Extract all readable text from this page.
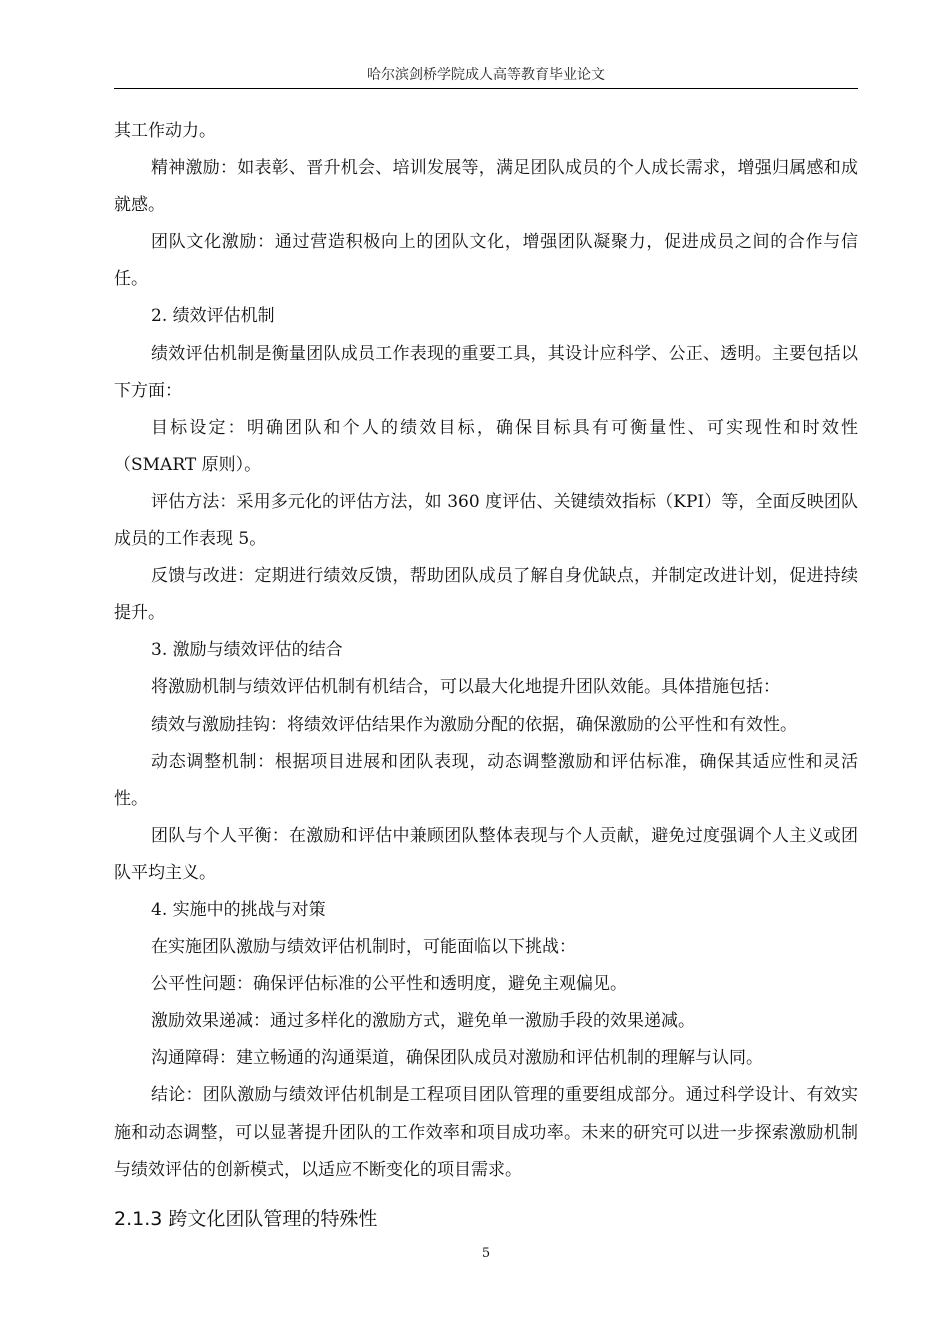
哈尔滨剑桥学院成人高等教育毕业论文

其工作动力。

精神激励：如表彰、晋升机会、培训发展等，满足团队成员的个人成长需求，增强归属感和成就感。

团队文化激励：通过营造积极向上的团队文化，增强团队凝聚力，促进成员之间的合作与信任。

2. 绩效评估机制

绩效评估机制是衡量团队成员工作表现的重要工具，其设计应科学、公正、透明。主要包括以下方面：

目标设定：明确团队和个人的绩效目标，确保目标具有可衡量性、可实现性和时效性（SMART 原则）。

评估方法：采用多元化的评估方法，如 360 度评估、关键绩效指标（KPI）等，全面反映团队成员的工作表现 5。

反馈与改进：定期进行绩效反馈，帮助团队成员了解自身优缺点，并制定改进计划，促进持续提升。

3. 激励与绩效评估的结合

将激励机制与绩效评估机制有机结合，可以最大化地提升团队效能。具体措施包括：

绩效与激励挂钩：将绩效评估结果作为激励分配的依据，确保激励的公平性和有效性。

动态调整机制：根据项目进展和团队表现，动态调整激励和评估标准，确保其适应性和灵活性。

团队与个人平衡：在激励和评估中兼顾团队整体表现与个人贡献，避免过度强调个人主义或团队平均主义。

4. 实施中的挑战与对策

在实施团队激励与绩效评估机制时，可能面临以下挑战：

公平性问题：确保评估标准的公平性和透明度，避免主观偏见。

激励效果递减：通过多样化的激励方式，避免单一激励手段的效果递减。

沟通障碍：建立畅通的沟通渠道，确保团队成员对激励和评估机制的理解与认同。

结论：团队激励与绩效评估机制是工程项目团队管理的重要组成部分。通过科学设计、有效实施和动态调整，可以显著提升团队的工作效率和项目成功率。未来的研究可以进一步探索激励机制与绩效评估的创新模式，以适应不断变化的项目需求。

2.1.3 跨文化团队管理的特殊性
5
